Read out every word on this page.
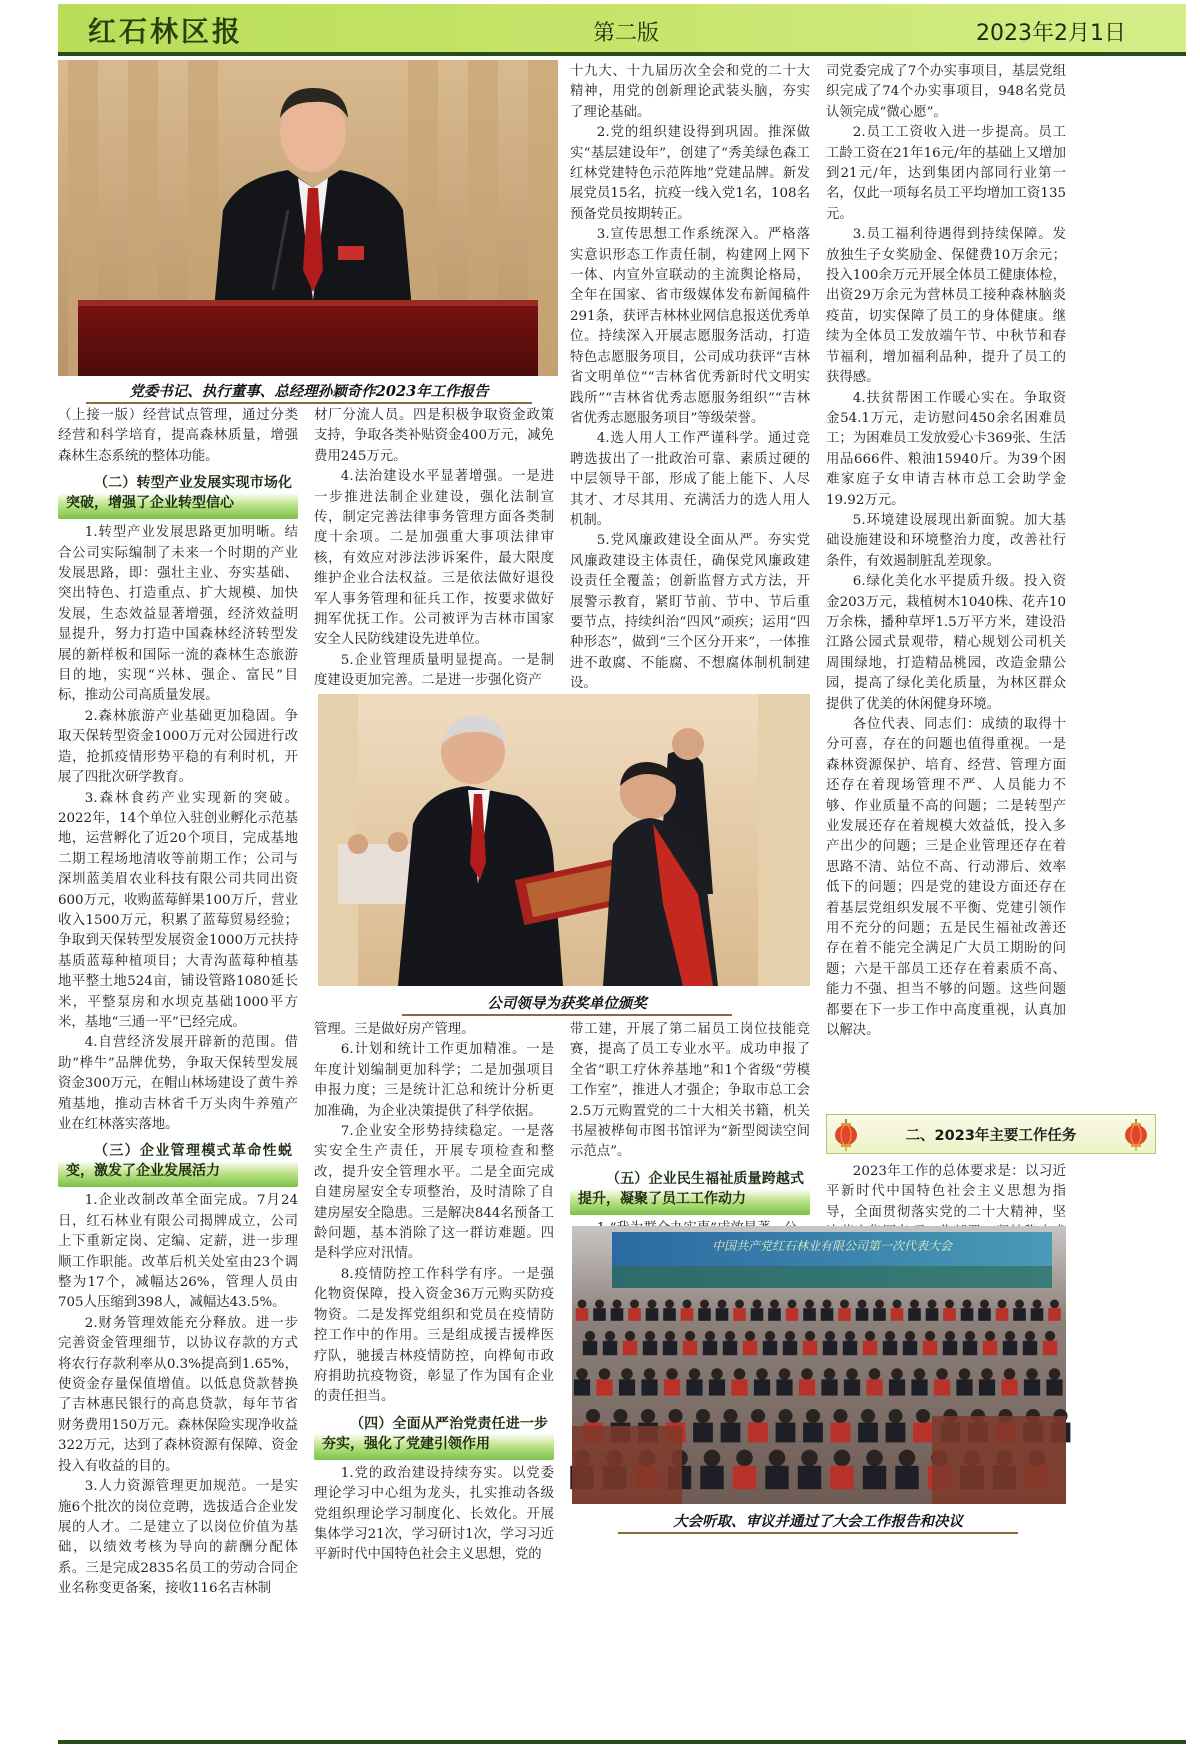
红石林区报	第二版	2023年2月1日
党委书记、执行董事、总经理孙颖奇作2023年工作报告

（上接一版）经营试点管理，通过分类经营和科学培育，提高森林质量，增强森林生态系统的整体功能。

（二）转型产业发展实现市场化突破，增强了企业转型信心

1.转型产业发展思路更加明晰。结合公司实际编制了未来一个时期的产业发展思路，即：强壮主业、夯实基础、突出特色、打造重点、扩大规模、加快发展，生态效益显著增强，经济效益明显提升，努力打造中国森林经济转型发展的新样板和国际一流的森林生态旅游目的地，实现“兴林、强企、富民”目标，推动公司高质量发展。

2.森林旅游产业基础更加稳固。争取天保转型资金1000万元对公园进行改造，抢抓疫情形势平稳的有利时机，开展了四批次研学教育。

3.森林食药产业实现新的突破。2022年，14个单位入驻创业孵化示范基地，运营孵化了近20个项目，完成基地二期工程场地清收等前期工作；公司与深圳蓝美眉农业科技有限公司共同出资600万元，收购蓝莓鲜果100万斤，营业收入1500万元，积累了蓝莓贸易经验；争取到天保转型发展资金1000万元扶持基质蓝莓种植项目；大青沟蓝莓种植基地平整土地524亩，铺设管路1080延长米，平整泵房和水坝克基础1000平方米，基地“三通一平”已经完成。

4.自营经济发展开辟新的范围。借助“桦牛”品牌优势，争取天保转型发展资金300万元，在帽山林场建设了黄牛养殖基地，推动吉林省千万头肉牛养殖产业在红林落实落地。

（三）企业管理模式革命性蜕变，激发了企业发展活力

1.企业改制改革全面完成。7月24日，红石林业有限公司揭牌成立，公司上下重新定岗、定编、定薪，进一步理顺工作职能。改革后机关处室由23个调整为17个，减幅达26%，管理人员由705人压缩到398人，减幅达43.5%。

2.财务管理效能充分释放。进一步完善资金管理细节，以协议存款的方式将农行存款利率从0.3%提高到1.65%，使资金存量保值增值。以低息贷款替换了吉林惠民银行的高息贷款，每年节省财务费用150万元。森林保险实现净收益322万元，达到了森林资源有保障、资金投入有收益的目的。

3.人力资源管理更加规范。一是实施6个批次的岗位竞聘，选拔适合企业发展的人才。二是建立了以岗位价值为基础，以绩效考核为导向的薪酬分配体系。三是完成2835名员工的劳动合同企业名称变更备案，接收116名吉林制

材厂分流人员。四是积极争取资金政策支持，争取各类补贴资金400万元，减免费用245万元。

4.法治建设水平显著增强。一是进一步推进法制企业建设，强化法制宣传，制定完善法律事务管理方面各类制度十余项。二是加强重大事项法律审核，有效应对涉法涉诉案件，最大限度维护企业合法权益。三是依法做好退役军人事务管理和征兵工作，按要求做好拥军优抚工作。公司被评为吉林市国家安全人民防线建设先进单位。

5.企业管理质量明显提高。一是制度建设更加完善。二是进一步强化资产

十九大、十九届历次全会和党的二十大精神，用党的创新理论武装头脑，夯实了理论基础。

2.党的组织建设得到巩固。推深做实“基层建设年”，创建了“秀美绿色森工 红林党建特色示范阵地”党建品牌。新发展党员15名，抗疫一线入党1名，108名预备党员按期转正。

3.宣传思想工作系统深入。严格落实意识形态工作责任制，构建网上网下一体、内宣外宣联动的主流舆论格局，全年在国家、省市级媒体发布新闻稿件291条，获评吉林林业网信息报送优秀单位。持续深入开展志愿服务活动，打造特色志愿服务项目，公司成功获评“吉林省文明单位”“吉林省优秀新时代文明实践所”“吉林省优秀志愿服务组织”“吉林省优秀志愿服务项目”等级荣誉。

4.选人用人工作严谨科学。通过竞聘选拔出了一批政治可靠、素质过硬的中层领导干部，形成了能上能下、人尽其才、才尽其用、充满活力的选人用人机制。

5.党风廉政建设全面从严。夯实党风廉政建设主体责任，确保党风廉政建设责任全覆盖；创新监督方式方法，开展警示教育，紧盯节前、节中、节后重要节点，持续纠治“四风”顽疾；运用“四种形态”，做到“三个区分开来”，一体推进不敢腐、不能腐、不想腐体制机制建设。

公司领导为获奖单位颁奖

管理。三是做好房产管理。

6.计划和统计工作更加精准。一是年度计划编制更加科学；二是加强项目申报力度；三是统计汇总和统计分析更加准确，为企业决策提供了科学依据。

7.企业安全形势持续稳定。一是落实安全生产责任，开展专项检查和整改，提升安全管理水平。二是全面完成自建房屋安全专项整治，及时清除了自建房屋安全隐患。三是解决844名预备工龄问题，基本消除了这一群访难题。四是科学应对汛情。

8.疫情防控工作科学有序。一是强化物资保障，投入资金36万元购买防疫物资。二是发挥党组织和党员在疫情防控工作中的作用。三是组成援吉援桦医疗队，驰援吉林疫情防控，向桦甸市政府捐助抗疫物资，彰显了作为国有企业的责任担当。

（四）全面从严治党责任进一步夯实，强化了党建引领作用

1.党的政治建设持续夯实。以党委理论学习中心组为龙头，扎实推动各级党组织理论学习制度化、长效化。开展集体学习21次，学习研讨1次，学习习近平新时代中国特色社会主义思想，党的

带工建，开展了第二届员工岗位技能竞赛，提高了员工专业水平。成功申报了全省“职工疗休养基地”和1个省级“劳模工作室”，推进人才强企；争取市总工会2.5万元购置党的二十大相关书籍，机关书屋被桦甸市图书馆评为“新型阅读空间示范点”。

（五）企业民生福祉质量跨越式提升，凝聚了员工工作动力

司党委完成了7个办实事项目，基层党组织完成了74个办实事项目，948名党员认领完成“微心愿”。

2.员工工资收入进一步提高。员工工龄工资在21年16元/年的基础上又增加到21元/年，达到集团内部同行业第一名，仅此一项每名员工平均增加工资135元。

3.员工福利待遇得到持续保障。发放独生子女奖励金、保健费10万余元；投入100余万元开展全体员工健康体检，出资29万余元为营林员工接种森林脑炎疫苗，切实保障了员工的身体健康。继续为全体员工发放端午节、中秋节和春节福利，增加福利品种，提升了员工的获得感。

4.扶贫帮困工作暖心实在。争取资金54.1万元，走访慰问450余名困难员工；为困难员工发放爱心卡369张、生活用品666件、粮油15940斤。为39个困难家庭子女申请吉林市总工会助学金19.92万元。

5.环境建设展现出新面貌。加大基础设施建设和环境整治力度，改善社行条件，有效遏制脏乱差现象。

6.绿化美化水平提质升级。投入资金203万元，栽植树木1040株、花卉10万余株，播种草坪1.5万平方米，建设沿江路公园式景观带，精心规划公司机关周围绿地，打造精品桃园，改造金鼎公园，提高了绿化美化质量，为林区群众提供了优美的休闲健身环境。

各位代表、同志们：成绩的取得十分可喜，存在的问题也值得重视。一是森林资源保护、培育、经营、管理方面还存在着现场管理不严、人员能力不够、作业质量不高的问题；二是转型产业发展还存在着规模大效益低，投入多产出少的问题；三是企业管理还存在着思路不清、站位不高、行动滞后、效率低下的问题；四是党的建设方面还存在着基层党组织发展不平衡、党建引领作用不充分的问题；五是民生福祉改善还存在着不能完全满足广大员工期盼的问题；六是干部员工还存在着素质不高、能力不强、担当不够的问题。这些问题都要在下一步工作中高度重视，认真加以解决。

二、2023年主要工作任务

2023年工作的总体要求是：以习近平新时代中国特色社会主义思想为指导，全面贯彻落实党的二十大精神，坚

中国共产党红石林业有限公司第一次代表大会
大会听取、审议并通过了大会工作报告和决议
